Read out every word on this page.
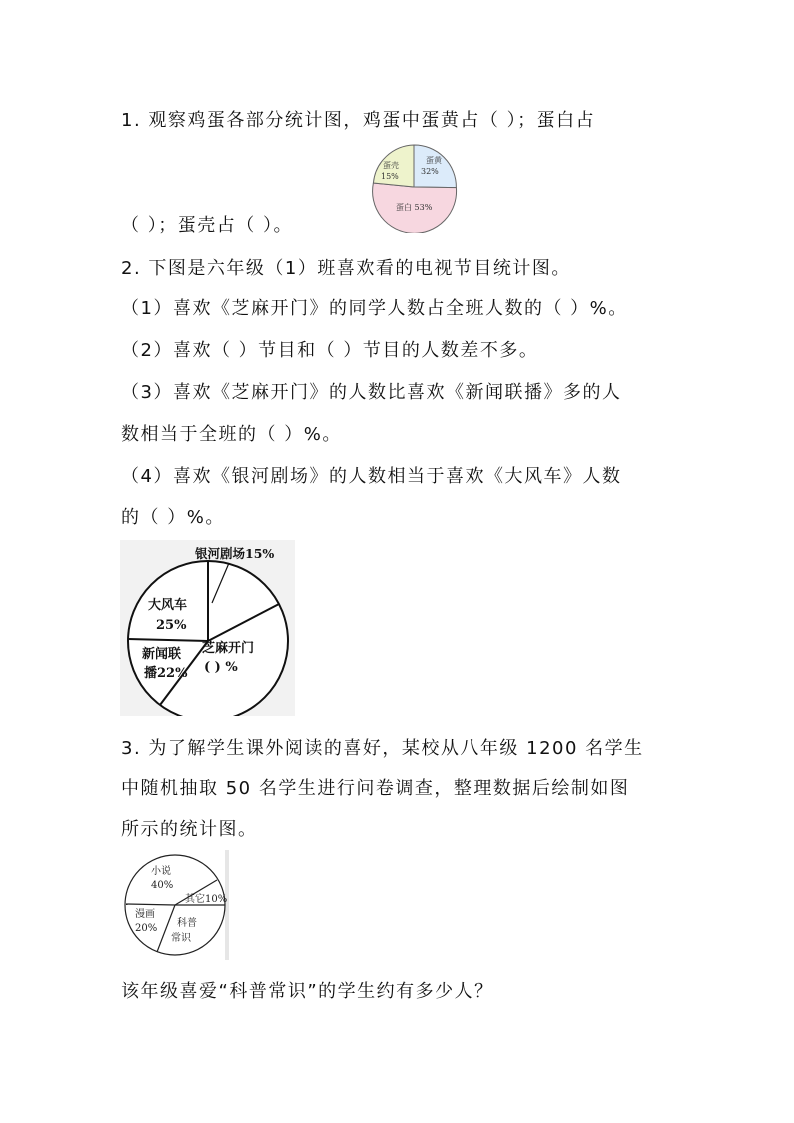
1. 观察鸡蛋各部分统计图，鸡蛋中蛋黄占（ ）；蛋白占
蛋黄
32%
蛋壳
15%
蛋白 53%
（ ）；蛋壳占（ ）。
2. 下图是六年级（1）班喜欢看的电视节目统计图。
（1）喜欢《芝麻开门》的同学人数占全班人数的（ ）%。
（2）喜欢（ ）节目和（ ）节目的人数差不多。
（3）喜欢《芝麻开门》的人数比喜欢《新闻联播》多的人
数相当于全班的（ ）%。
（4）喜欢《银河剧场》的人数相当于喜欢《大风车》人数
的（ ）%。
银河剧场15%
大风车
25%
新闻联
播22%
芝麻开门
( ) %
3. 为了解学生课外阅读的喜好，某校从八年级 1200 名学生
中随机抽取 50 名学生进行问卷调查，整理数据后绘制如图
所示的统计图。
小说
40%
其它10%
漫画
20% 科普
常识
该年级喜爱“科普常识”的学生约有多少人？
